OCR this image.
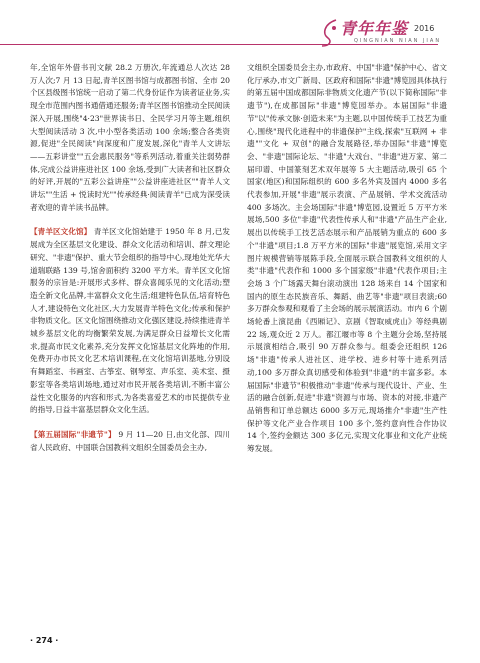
青年年鉴 2016
QINGNIAN NIAN JIAN

年,全馆年外借书刊文献 28.2 万册次,年流通总人次达 28 万人次;7 月 13 日起,青羊区图书馆与成都图书馆、全市 20 个区县级图书馆统一启动了第二代身份证作为读者证业务,实现全市范围内图书通借通还服务;青羊区图书馆推动全民阅读深入开展,围绕"4·23"世界读书日、全民学习月等主题,组织大型阅读活动 3 次,中小型各类活动 100 余场;整合各类资源,促进"全民阅读"向深度和广度发展,深化"青羊人文讲坛——五彩讲堂""五会惠民服务"等系列活动,着重关注弱势群体,完成公益讲座进社区 100 余场,受到广大读者和社区群众的好评,开展的"五彩公益讲座""公益讲座进社区""青羊人文讲坛""生活 + 悦读时光""传承经典·阅读青羊"已成为深受读者欢迎的青羊读书品牌。

【青羊区文化馆】 青羊区文化馆始建于 1950 年 8 月,已发展成为全区基层文化建设、群众文化活动和培训、群文理论研究、"非遗"保护、重大节会组织的指导中心,现地处光华大道瑞联路 139 号,馆舍面积约 3200 平方米。青羊区文化馆服务的宗旨是:开展形式多样、群众喜闻乐见的文化活动;塑造全新文化品牌,丰富群众文化生活;组建特色队伍,培育特色人才,建设特色文化社区,大力发展青羊特色文化;传承和保护非物质文化。区文化馆围绕推动文化强区建设,持续推进青羊城乡基层文化的均衡繁荣发展,为满足群众日益增长文化需求,提高市民文化素养,充分发挥文化馆基层文化阵地的作用,免费开办市民文化艺术培训课程,在文化馆培训基地,分别设有舞蹈室、书画室、古筝室、钢琴室、声乐室、美术室、摄影室等各类培训场地,通过对市民开展各类培训,不断丰富公益性文化服务的内容和形式,为各类喜爱艺术的市民提供专业的指导,日益丰富基层群众文化生活。

【第五届国际"非遗节"】 9 月 11—20 日,由文化部、四川省人民政府、中国联合国教科文组织全国委员会主办,

文组织全国委员会主办,市政府、中国"非遗"保护中心、省文化厅承办,市文广新局、区政府和国际"非遗"博览园具体执行的第五届中国成都国际非物质文化遗产节(以下简称国际"非遗节"),在成都国际"非遗"博览园举办。本届国际"非遗节"以"传承文脉·创造未来"为主题,以中国传统手工技艺为重心,围绕"现代化进程中的非遗保护"主线,探索"互联网 + 非遗""文化 + 双创"的融合发展路径,举办国际"非遗"博览会、"非遗"国际论坛、"非遗"大戏台、"非遗"进万家、第二届印谱、中国篆刻艺术双年展等 5 大主题活动,吸引 65 个国家(地区)和国际组织的 600 多名外宾及国内 4000 多名代表参加,开展"非遗"展示表演、产品展销、学术交流活动 400 多场次。主会场国际"非遗"博览园,设置近 5 万平方米展场,500 多位"非遗"代表性传承人和"非遗"产品生产企业,展出以传统手工技艺活态展示和产品展销为重点的 600 多个"非遗"项目;1.8 万平方米的国际"非遗"展览馆,采用文字图片规模营销等展陈手段,全面展示联合国教科文组织的人类"非遗"代表作和 1000 多个国家级"非遗"代表作项目;主会场 3 个广场露天舞台滚动演出 128 场来自 14 个国家和国内的原生态民族音乐、舞蹈、曲艺等"非遗"项目表演;60 多万群众参观和观看了主会场的展示展演活动。市内 6 个剧场轮番上演昆曲《西厢记》、京剧《智取威虎山》等经典剧 22 场,观众近 2 万人。都江堰市等 8 个主题分会场,坚持展示展演相结合,吸引 90 万群众参与。组委会还组织 126 场"非遗"传承人进社区、进学校、进乡村等十进系列活动,100 多万群众真切感受和体验到"非遗"的丰富多彩。本届国际"非遗节"积极推动"非遗"传承与现代设计、产业、生活的融合创新,促进"非遗"资源与市场、资本的对接,非遗产品销售和订单总额达 6000 多万元,现场推介"非遗"生产性保护等文化产业合作项目 100 多个,签约意向性合作协议 14 个,签约金额达 300 多亿元,实现文化事业和文化产业统筹发展。

· 274 ·
